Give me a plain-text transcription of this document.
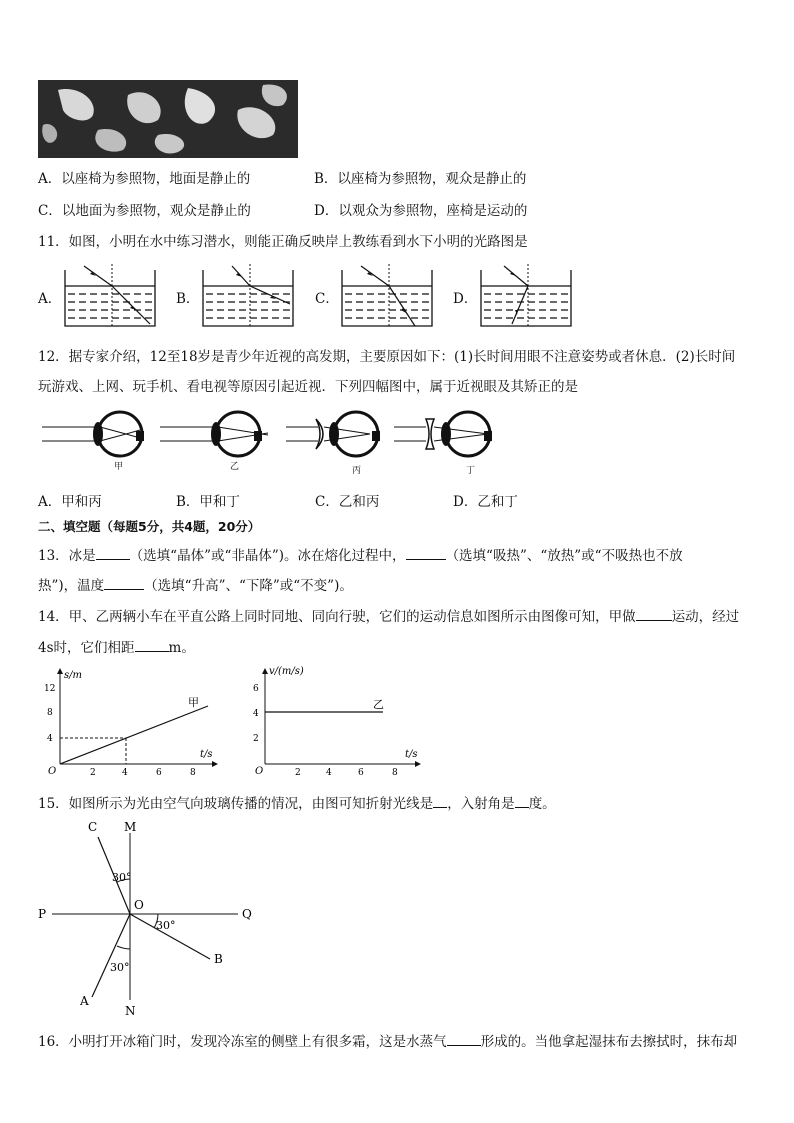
A．以座椅为参照物，地面是静止的	B．以座椅为参照物，观众是静止的
C．以地面为参照物，观众是静止的	D．以观众为参照物，座椅是运动的
11．如图，小明在水中练习潜水，则能正确反映岸上教练看到水下小明的光路图是
A．	B．	C．	D．
12．据专家介绍，12至18岁是青少年近视的高发期，主要原因如下：(1)长时间用眼不注意姿势或者休息．(2)长时间
玩游戏、上网、玩手机、看电视等原因引起近视．下列四幅图中，属于近视眼及其矫正的是
甲	乙	丙	丁
A．甲和丙	B．甲和丁	C．乙和丙	D．乙和丁
二、填空题（每题5分，共4题，20分）
13．冰是	（选填“晶体”或“非晶体”)。冰在熔化过程中，	（选填“吸热”、“放热”或“不吸热也不放
热”)，温度	（选填“升高”、“下降”或“不变”)。
14．甲、乙两辆小车在平直公路上同时同地、同向行驶，它们的运动信息如图所示由图像可知，甲做	运动，经过
4s时，它们相距	m。
s/m
t/s
O
12
8
4
2	4	6	8
甲
v/(m/s)
t/s
O
6
4
2
2	4	6	8
乙
15．如图所示为光由空气向玻璃传播的情况，由图可知折射光线是 ，入射角是 度。
C M
P
O
Q
B
A
N
30°
30°
30°
16．小明打开冰箱门时，发现冷冻室的侧壁上有很多霜，这是水蒸气	形成的。当他拿起湿抹布去擦拭时，抹布却
